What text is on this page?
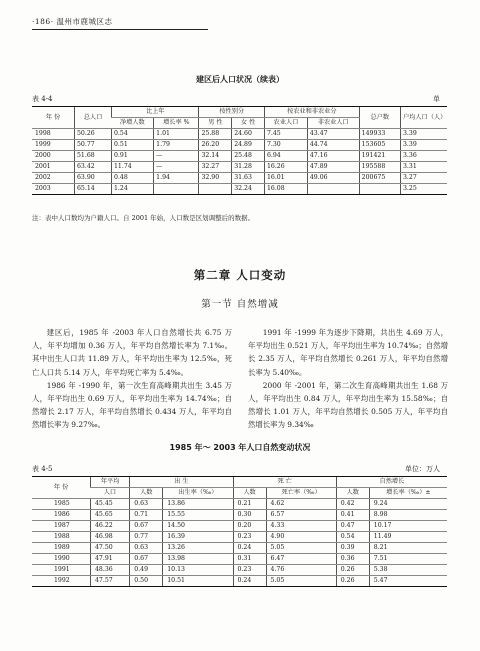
·186· 温州市鹿城区志
建区后人口状况（续表）
表 4-4	单
年 份	总人口	比上年		按性别分		按农业和非农业分		总户数	户均人口（人）
		净增人数	增长率 %	男 性	女 性	农业人口	非农业人口		
1998	50.26	0.54	1.01	25.88	24.60	7.45	43.47	149933	3.39
1999	50.77	0.51	1.79	26.20	24.89	7.30	44.74	153605	3.39
2000	51.68	0.91	—	32.14	25.48	6.94	47.16	191421	3.36
2001	63.42	11.74	—	32.27	31.28	16.26	47.89	195588	3.31
2002	63.90	0.48	1.94	32.90	31.63	16.01	49.06	200675	3.27
2003	65.14	1.24			32.24	16.08			3.25
注：表中人口数均为户籍人口。自 2001 年始，人口数是区划调整后的数据。
第二章 人口变动
第一节 自然增减

建区后，1985 年 -2003 年人口自然增长共 6.75 万人，年平均增加 0.36 万人，年平均自然增长率为 7.1‰。其中出生人口共 11.89 万人，年平均出生率为 12.5‰，死亡人口共 5.14 万人，年平均死亡率为 5.4‰。

1986 年 -1990 年，第一次生育高峰期共出生 3.45 万人，年平均出生 0.69 万人，年平均出生率为 14.74‰；自然增长 2.17 万人，年平均自然增长 0.434 万人，年平均自然增长率为 9.27‰。

1991 年 -1999 年为逐步下降期，共出生 4.69 万人，年平均出生 0.521 万人，年平均出生率为 10.74‰；自然增长 2.35 万人，年平均自然增长 0.261 万人，年平均自然增长率为 5.40‰。

2000 年 -2001 年，第二次生育高峰期共出生 1.68 万人，年平均出生 0.84 万人，年平均出生率为 15.58‰；自然增长 1.01 万人，年平均自然增长 0.505 万人，年平均自然增长率为 9.34‰

1985 年～ 2003 年人口自然变动状况
表 4-5	单位：万人
年 份	年平均	出 生		死 亡		自然增长	
	人口	人数	出生率（‰）	人数	死亡率（‰）	人数	增长率（‰）±
1985	45.45	0.63	13.86	0.21	4.62	0.42	9.24
1986	45.65	0.71	15.55	0.30	6.57	0.41	8.98
1987	46.22	0.67	14.50	0.20	4.33	0.47	10.17
1988	46.98	0.77	16.39	0.23	4.90	0.54	11.49
1989	47.50	0.63	13.26	0.24	5.05	0.39	8.21
1990	47.91	0.67	13.98	0.31	6.47	0.36	7.51
1991	48.36	0.49	10.13	0.23	4.76	0.26	5.38
1992	47.57	0.50	10.51	0.24	5.05	0.26	5.47
